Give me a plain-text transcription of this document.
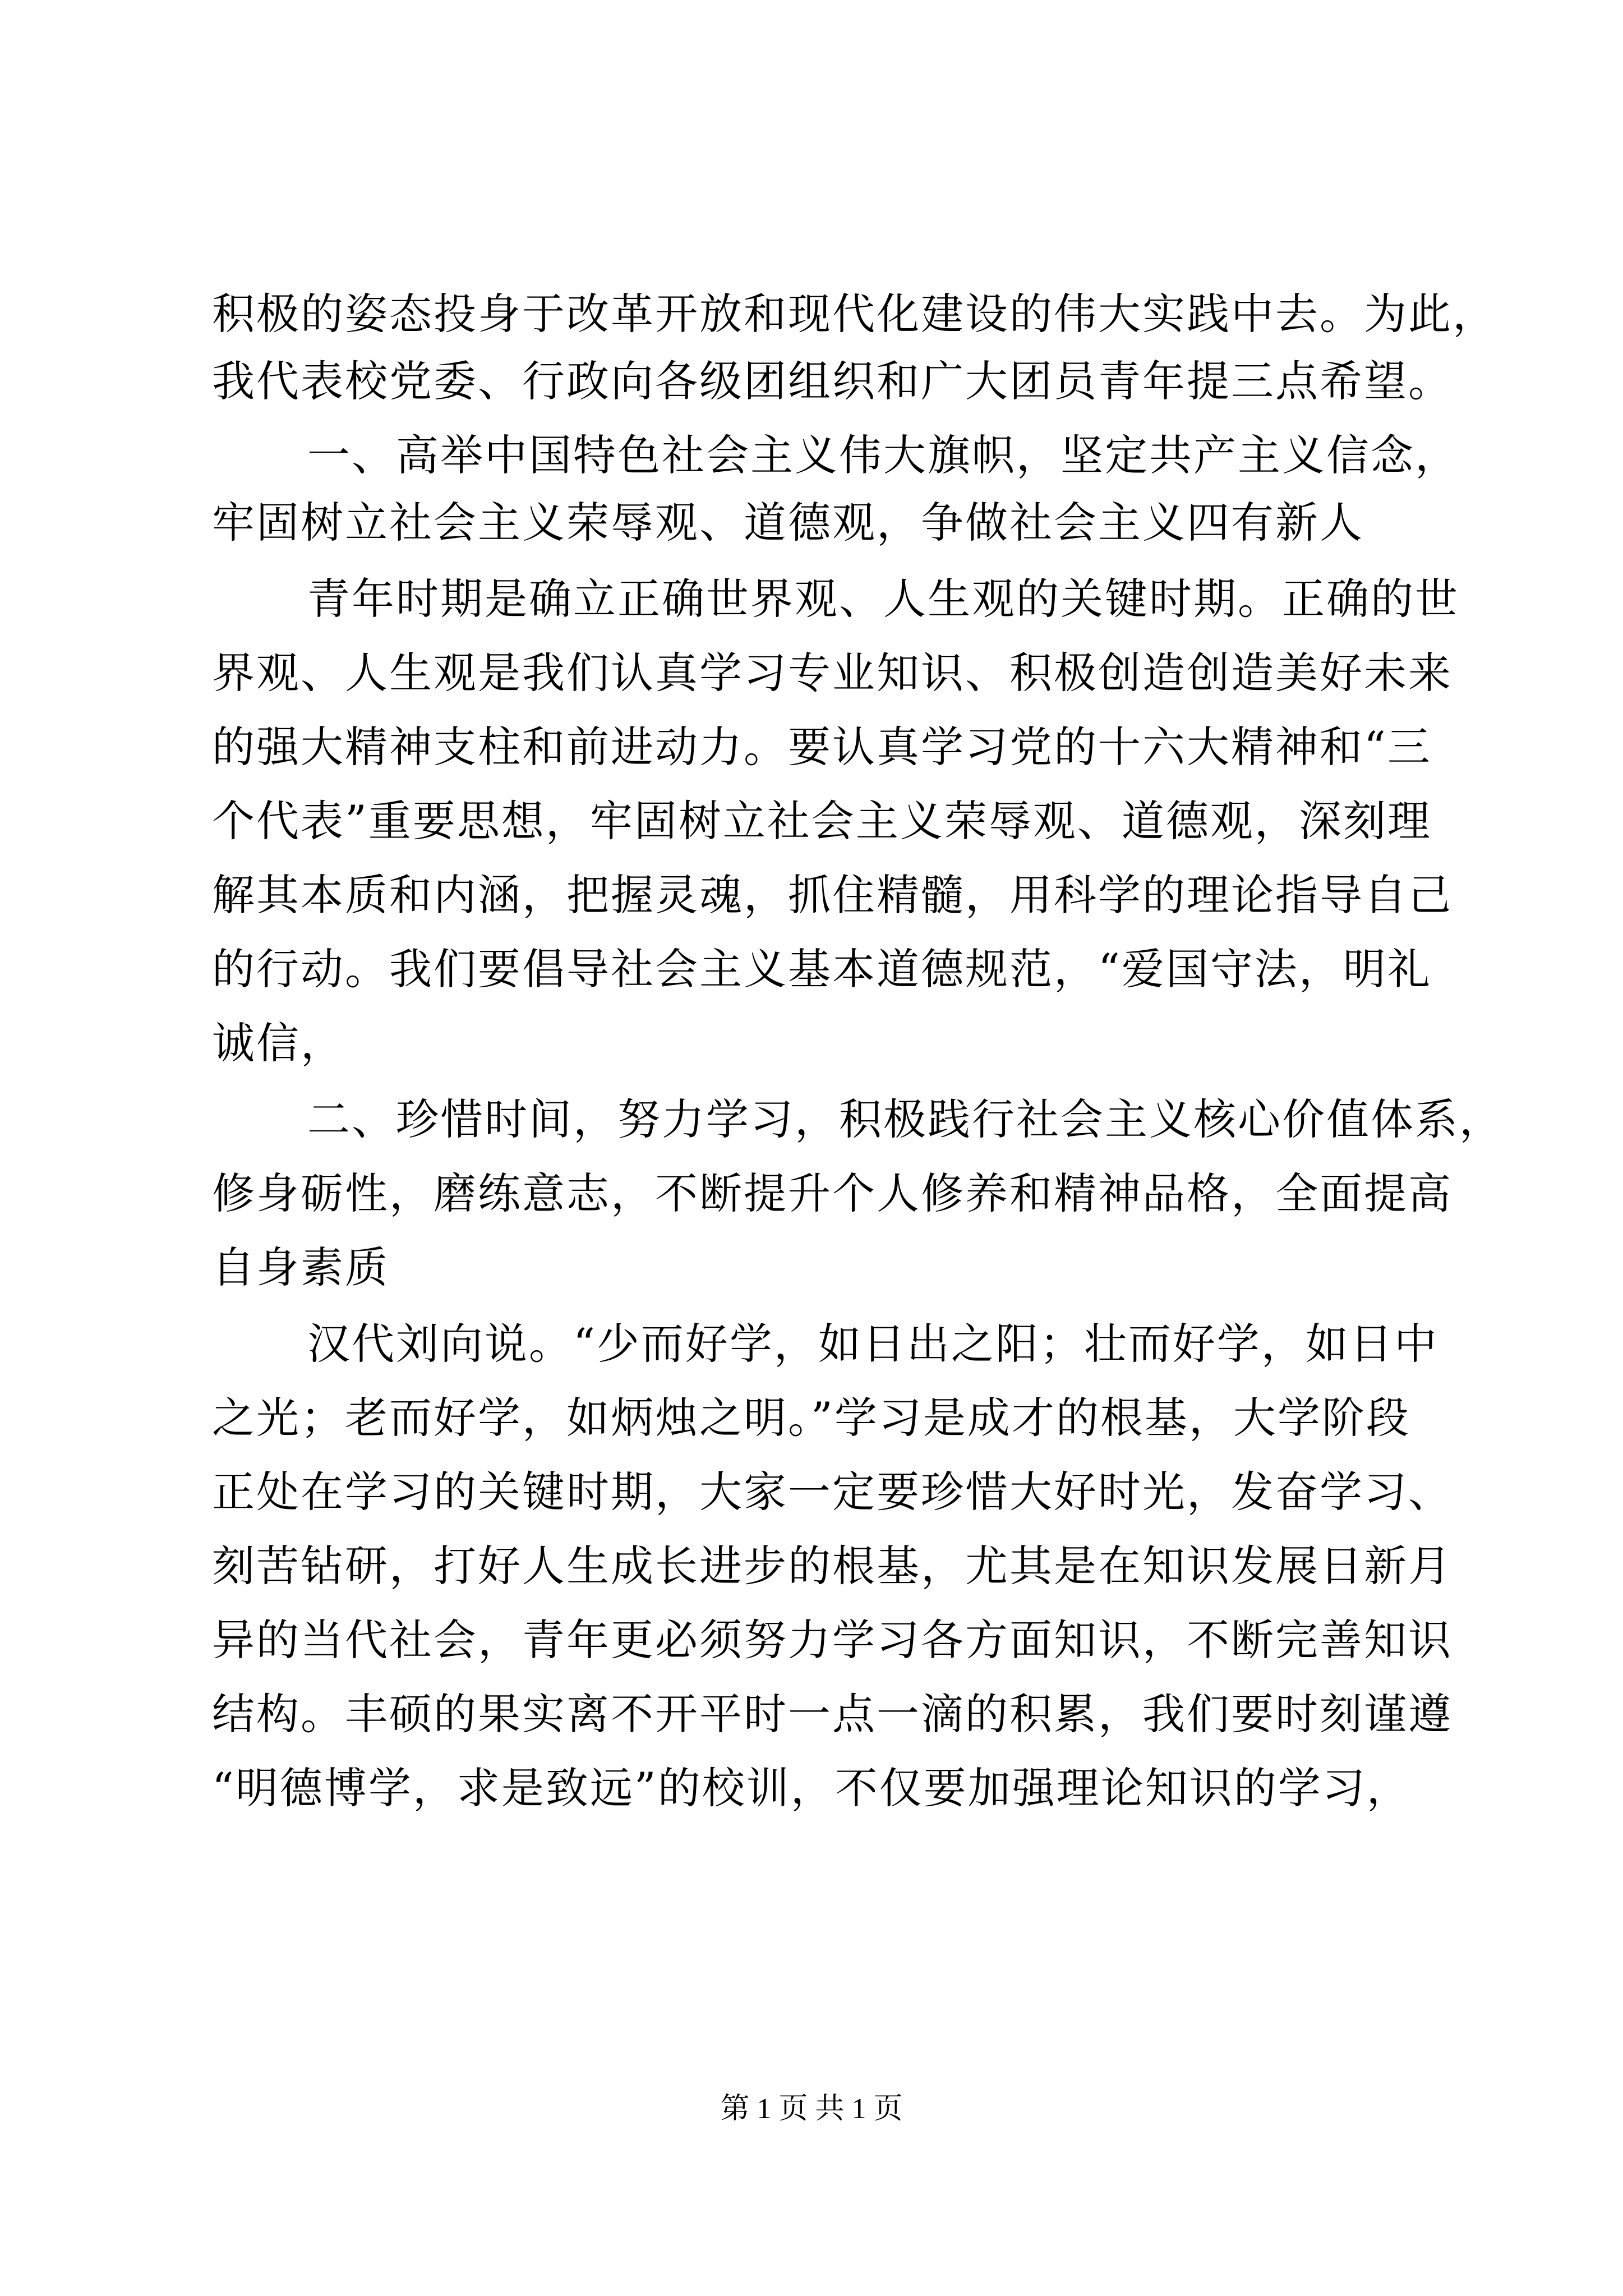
积极的姿态投身于改革开放和现代化建设的伟大实践中去。为此，
我代表校党委、行政向各级团组织和广大团员青年提三点希望。
一、高举中国特色社会主义伟大旗帜，坚定共产主义信念，
牢固树立社会主义荣辱观、道德观，争做社会主义四有新人
青年时期是确立正确世界观、人生观的关键时期。正确的世
界观、人生观是我们认真学习专业知识、积极创造创造美好未来
的强大精神支柱和前进动力。要认真学习党的十六大精神和“三
个代表”重要思想，牢固树立社会主义荣辱观、道德观，深刻理
解其本质和内涵，把握灵魂，抓住精髓，用科学的理论指导自己
的行动。我们要倡导社会主义基本道德规范，“爱国守法，明礼
诚信，
二、珍惜时间，努力学习，积极践行社会主义核心价值体系，
修身砺性，磨练意志，不断提升个人修养和精神品格，全面提高
自身素质
汉代刘向说。“少而好学，如日出之阳；壮而好学，如日中
之光；老而好学，如炳烛之明。”学习是成才的根基，大学阶段
正处在学习的关键时期，大家一定要珍惜大好时光，发奋学习、
刻苦钻研，打好人生成长进步的根基，尤其是在知识发展日新月
异的当代社会，青年更必须努力学习各方面知识，不断完善知识
结构。丰硕的果实离不开平时一点一滴的积累，我们要时刻谨遵
“明德博学，求是致远”的校训，不仅要加强理论知识的学习，
第 1 页 共 1 页
